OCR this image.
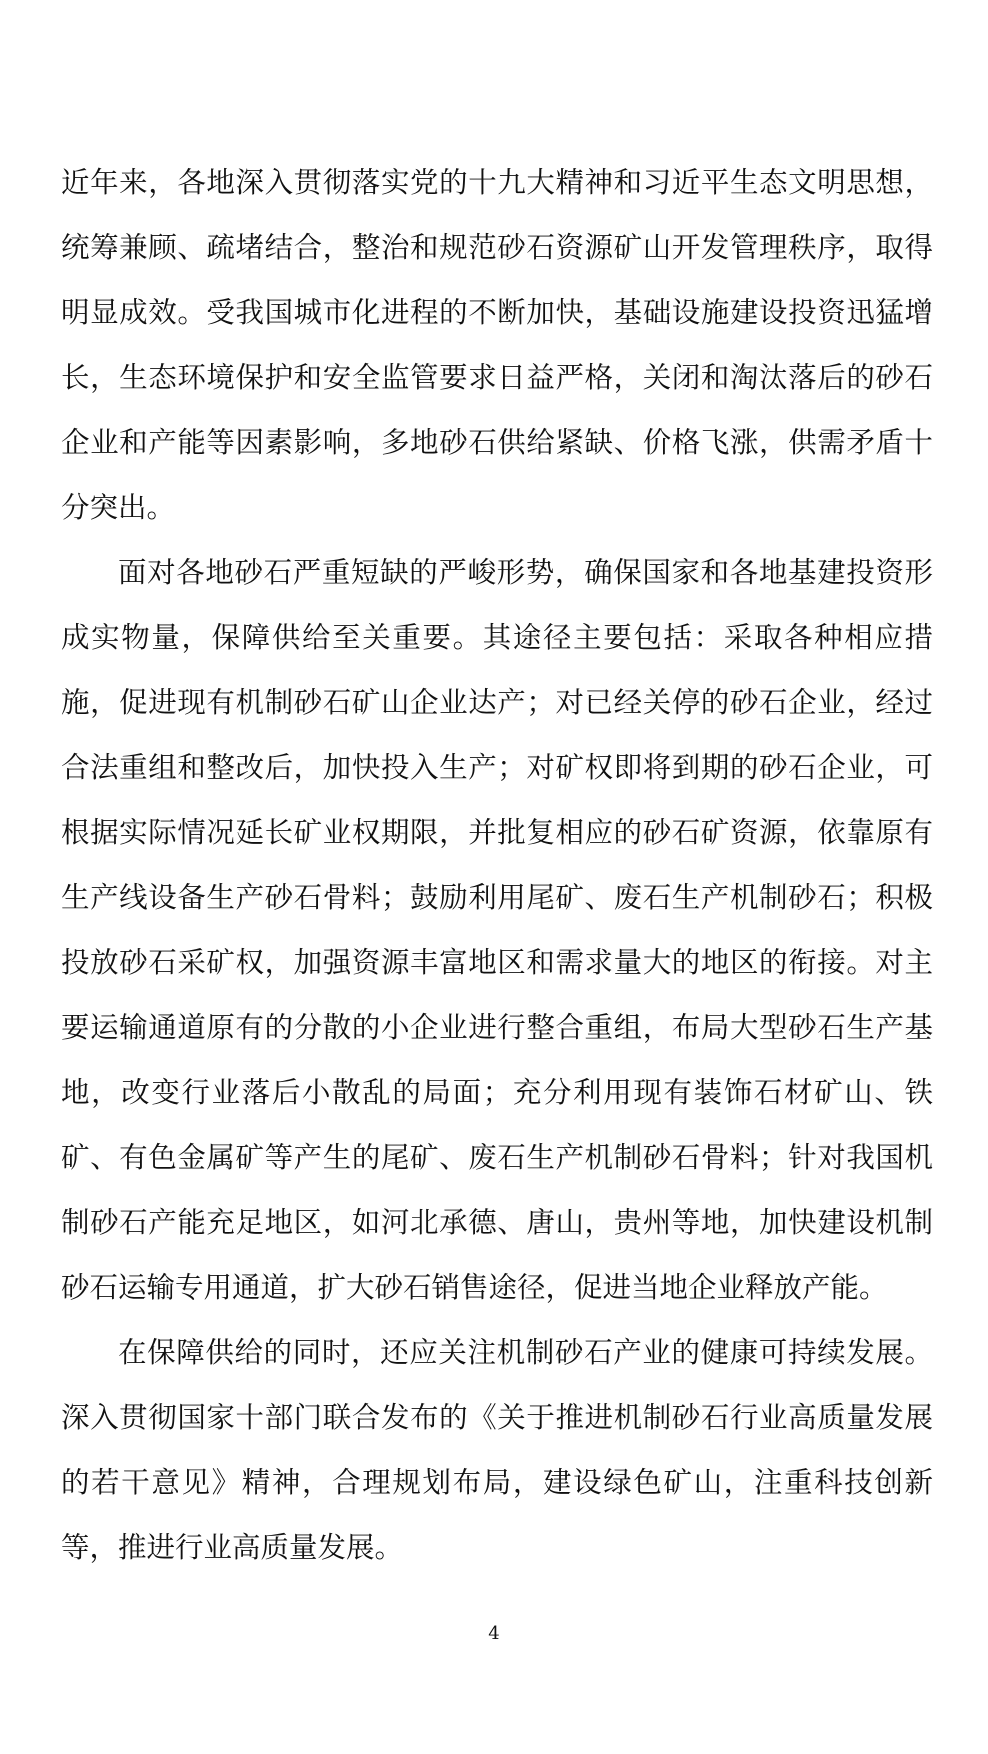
近年来，各地深入贯彻落实党的十九大精神和习近平生态文明思想，统筹兼顾、疏堵结合，整治和规范砂石资源矿山开发管理秩序，取得明显成效。受我国城市化进程的不断加快，基础设施建设投资迅猛增长，生态环境保护和安全监管要求日益严格，关闭和淘汰落后的砂石企业和产能等因素影响，多地砂石供给紧缺、价格飞涨，供需矛盾十分突出。

面对各地砂石严重短缺的严峻形势，确保国家和各地基建投资形成实物量，保障供给至关重要。其途径主要包括：采取各种相应措施，促进现有机制砂石矿山企业达产；对已经关停的砂石企业，经过合法重组和整改后，加快投入生产；对矿权即将到期的砂石企业，可根据实际情况延长矿业权期限，并批复相应的砂石矿资源，依靠原有生产线设备生产砂石骨料；鼓励利用尾矿、废石生产机制砂石；积极投放砂石采矿权，加强资源丰富地区和需求量大的地区的衔接。对主要运输通道原有的分散的小企业进行整合重组，布局大型砂石生产基地，改变行业落后小散乱的局面；充分利用现有装饰石材矿山、铁矿、有色金属矿等产生的尾矿、废石生产机制砂石骨料；针对我国机制砂石产能充足地区，如河北承德、唐山，贵州等地，加快建设机制砂石运输专用通道，扩大砂石销售途径，促进当地企业释放产能。

在保障供给的同时，还应关注机制砂石产业的健康可持续发展。深入贯彻国家十部门联合发布的《关于推进机制砂石行业高质量发展的若干意见》精神，合理规划布局，建设绿色矿山，注重科技创新等，推进行业高质量发展。

4
